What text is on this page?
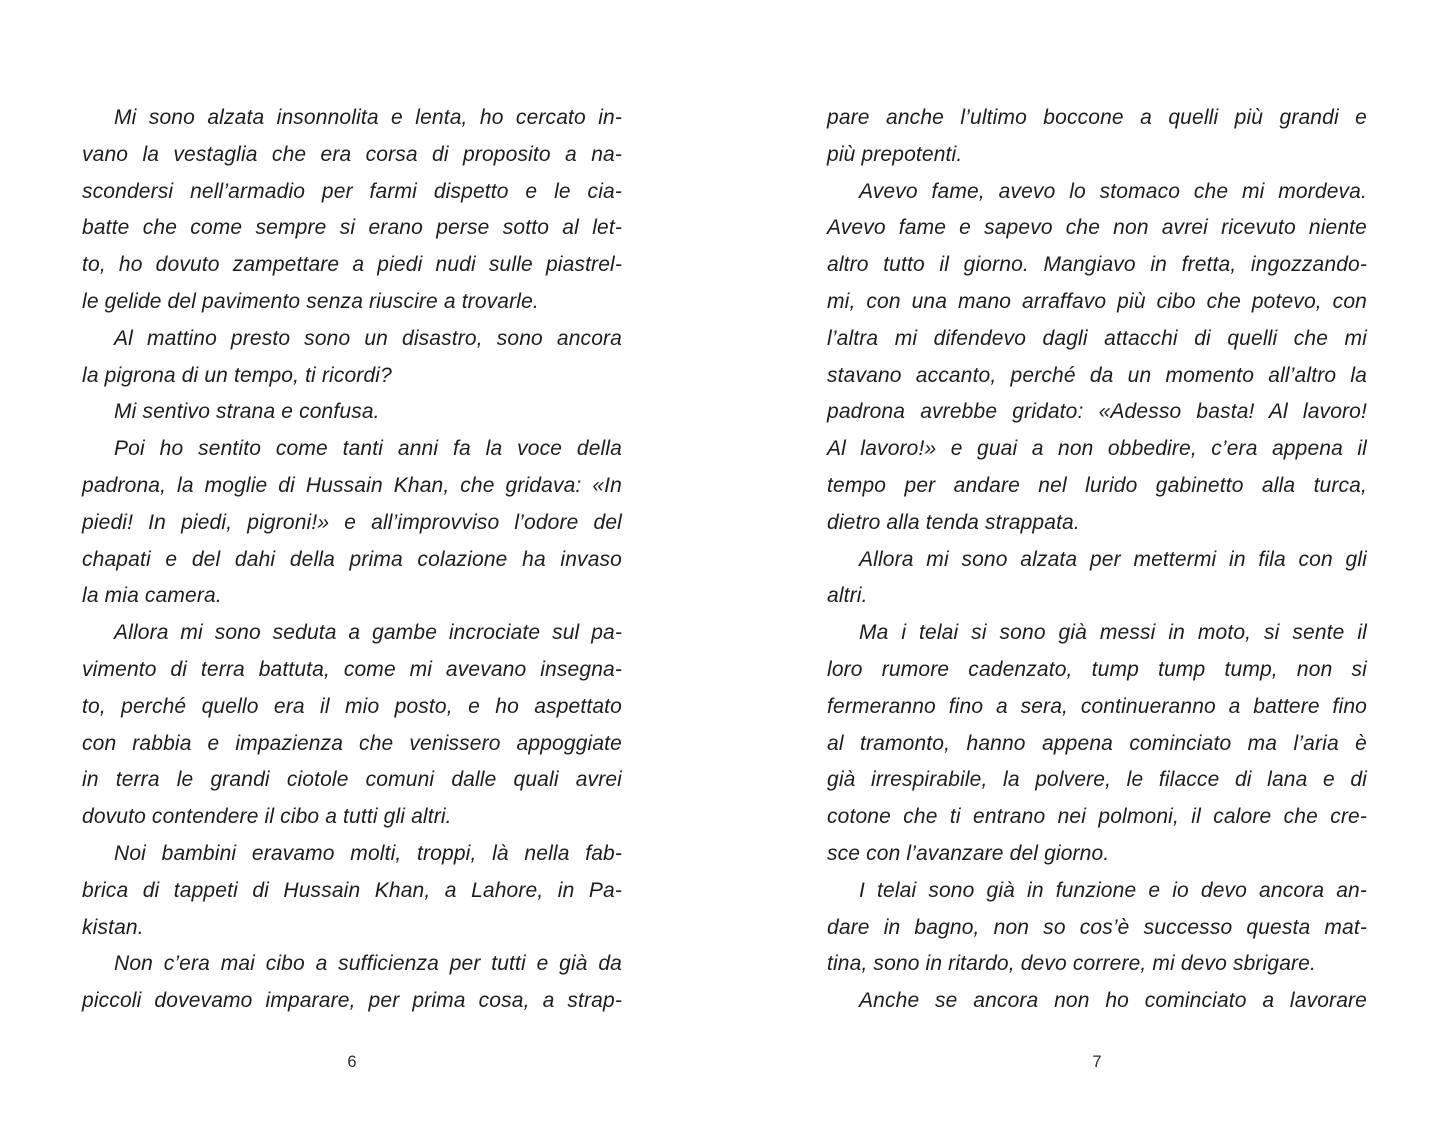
Mi sono alzata insonnolita e lenta, ho cercato in-
vano la vestaglia che era corsa di proposito a na-
scondersi nell’armadio per farmi dispetto e le cia-
batte che come sempre si erano perse sotto al let-
to, ho dovuto zampettare a piedi nudi sulle piastrel-
le gelide del pavimento senza riuscire a trovarle.
Al mattino presto sono un disastro, sono ancora
la pigrona di un tempo, ti ricordi?
Mi sentivo strana e confusa.
Poi ho sentito come tanti anni fa la voce della
padrona, la moglie di Hussain Khan, che gridava: «In
piedi! In piedi, pigroni!» e all’improvviso l’odore del
chapati e del dahi della prima colazione ha invaso
la mia camera.
Allora mi sono seduta a gambe incrociate sul pa-
vimento di terra battuta, come mi avevano insegna-
to, perché quello era il mio posto, e ho aspettato
con rabbia e impazienza che venissero appoggiate
in terra le grandi ciotole comuni dalle quali avrei
dovuto contendere il cibo a tutti gli altri.
Noi bambini eravamo molti, troppi, là nella fab-
brica di tappeti di Hussain Khan, a Lahore, in Pa-
kistan.
Non c’era mai cibo a sufficienza per tutti e già da
piccoli dovevamo imparare, per prima cosa, a strap-
6
pare anche l’ultimo boccone a quelli più grandi e
più prepotenti.
Avevo fame, avevo lo stomaco che mi mordeva.
Avevo fame e sapevo che non avrei ricevuto niente
altro tutto il giorno. Mangiavo in fretta, ingozzando-
mi, con una mano arraffavo più cibo che potevo, con
l’altra mi difendevo dagli attacchi di quelli che mi
stavano accanto, perché da un momento all’altro la
padrona avrebbe gridato: «Adesso basta! Al lavoro!
Al lavoro!» e guai a non obbedire, c’era appena il
tempo per andare nel lurido gabinetto alla turca,
dietro alla tenda strappata.
Allora mi sono alzata per mettermi in fila con gli
altri.
Ma i telai si sono già messi in moto, si sente il
loro rumore cadenzato, tump tump tump, non si
fermeranno fino a sera, continueranno a battere fino
al tramonto, hanno appena cominciato ma l’aria è
già irrespirabile, la polvere, le filacce di lana e di
cotone che ti entrano nei polmoni, il calore che cre-
sce con l’avanzare del giorno.
I telai sono già in funzione e io devo ancora an-
dare in bagno, non so cos’è successo questa mat-
tina, sono in ritardo, devo correre, mi devo sbrigare.
Anche se ancora non ho cominciato a lavorare
7
